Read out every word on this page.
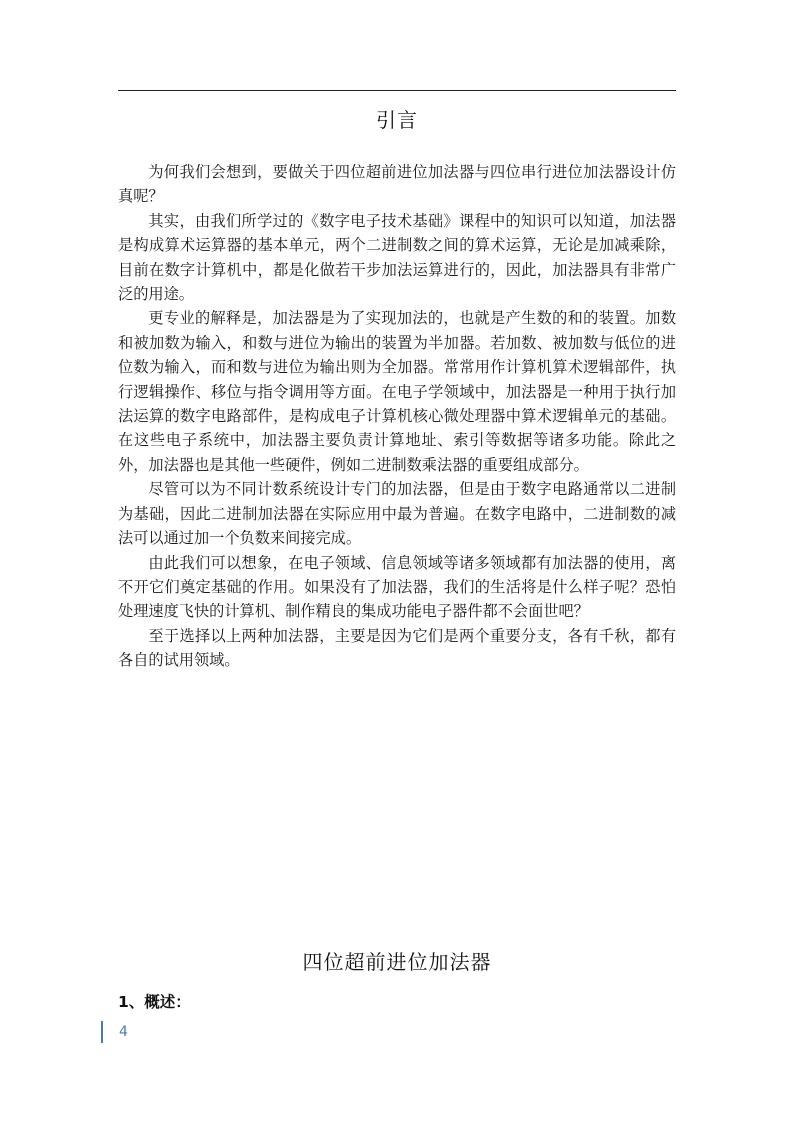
引言

为何我们会想到，要做关于四位超前进位加法器与四位串行进位加法器设计仿真呢？

其实，由我们所学过的《数字电子技术基础》课程中的知识可以知道，加法器是构成算术运算器的基本单元，两个二进制数之间的算术运算，无论是加减乘除，目前在数字计算机中，都是化做若干步加法运算进行的，因此，加法器具有非常广泛的用途。

更专业的解释是，加法器是为了实现加法的，也就是产生数的和的装置。加数和被加数为输入，和数与进位为输出的装置为半加器。若加数、被加数与低位的进位数为输入，而和数与进位为输出则为全加器。常常用作计算机算术逻辑部件，执行逻辑操作、移位与指令调用等方面。在电子学领域中，加法器是一种用于执行加法运算的数字电路部件，是构成电子计算机核心微处理器中算术逻辑单元的基础。在这些电子系统中，加法器主要负责计算地址、索引等数据等诸多功能。除此之外，加法器也是其他一些硬件，例如二进制数乘法器的重要组成部分。

尽管可以为不同计数系统设计专门的加法器，但是由于数字电路通常以二进制为基础，因此二进制加法器在实际应用中最为普遍。在数字电路中，二进制数的减法可以通过加一个负数来间接完成。

由此我们可以想象，在电子领域、信息领域等诸多领域都有加法器的使用，离不开它们奠定基础的作用。如果没有了加法器，我们的生活将是什么样子呢？恐怕处理速度飞快的计算机、制作精良的集成功能电子器件都不会面世吧？

至于选择以上两种加法器，主要是因为它们是两个重要分支，各有千秋，都有各自的试用领域。

四位超前进位加法器
1、概述：
4
